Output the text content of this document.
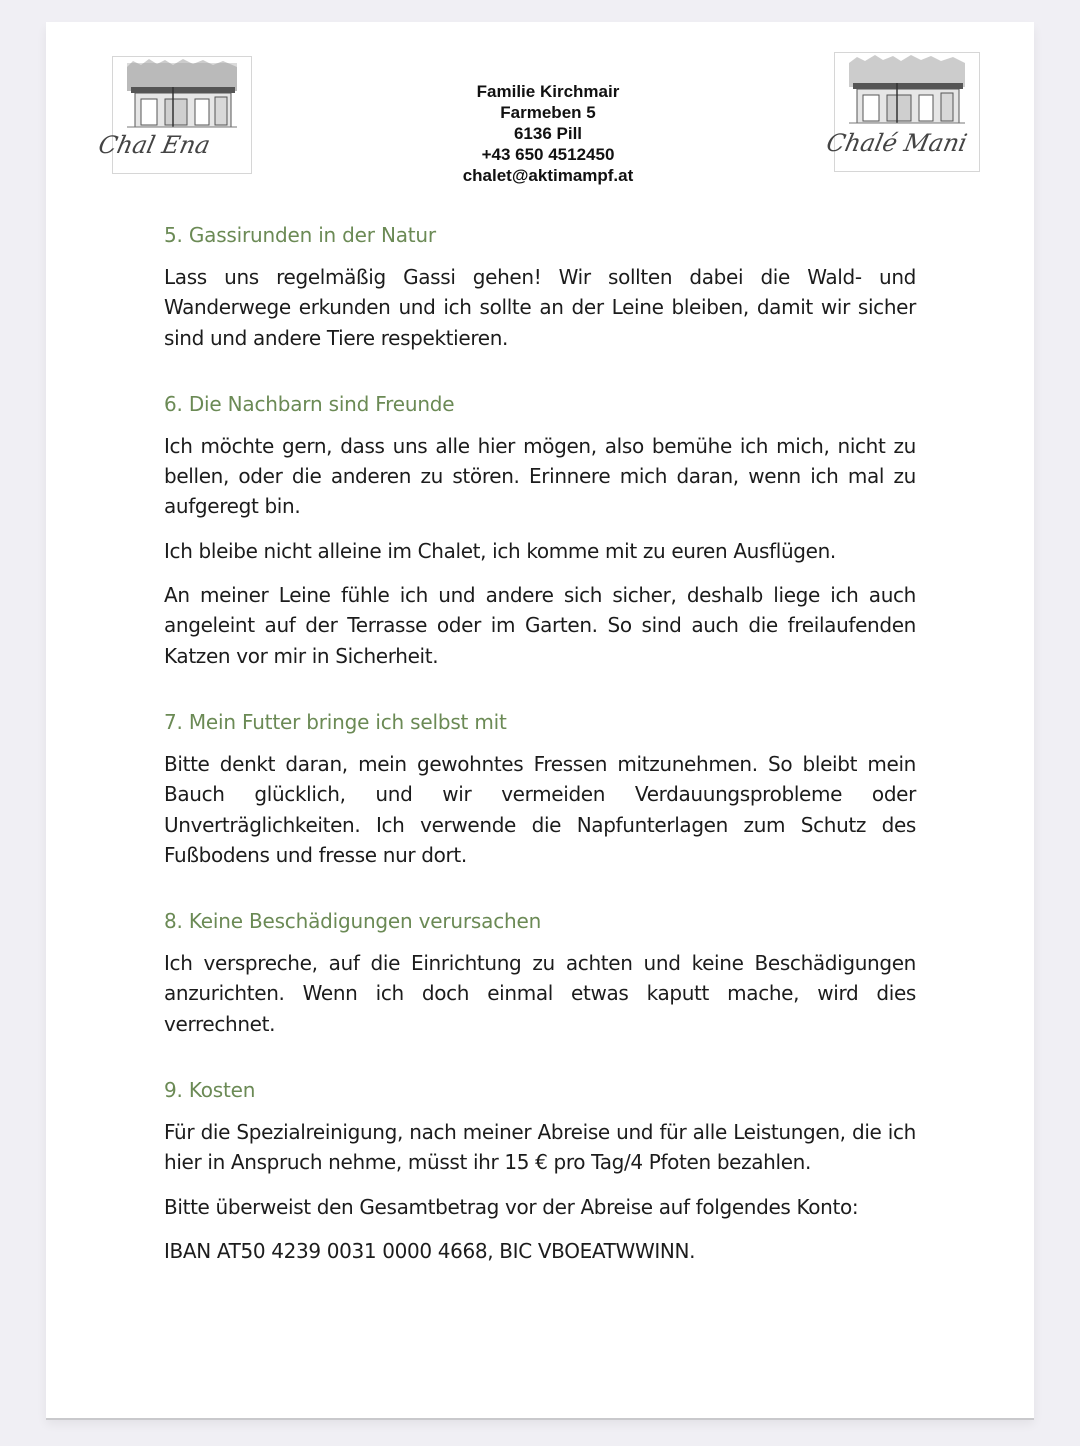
Chal Ena
Familie Kirchmair
Farmeben 5
6136 Pill
+43 650 4512450
chalet@aktimampf.at
Chalé Mani
5. Gassirunden in der Natur

Lass uns regelmäßig Gassi gehen! Wir sollten dabei die Wald- und Wanderwege erkunden und ich sollte an der Leine bleiben, damit wir sicher sind und andere Tiere respektieren.

6. Die Nachbarn sind Freunde

Ich möchte gern, dass uns alle hier mögen, also bemühe ich mich, nicht zu bellen, oder die anderen zu stören. Erinnere mich daran, wenn ich mal zu aufgeregt bin.

Ich bleibe nicht alleine im Chalet, ich komme mit zu euren Ausflügen.

An meiner Leine fühle ich und andere sich sicher, deshalb liege ich auch angeleint auf der Terrasse oder im Garten. So sind auch die freilaufenden Katzen vor mir in Sicherheit.

7. Mein Futter bringe ich selbst mit

Bitte denkt daran, mein gewohntes Fressen mitzunehmen. So bleibt mein Bauch glücklich, und wir vermeiden Verdauungsprobleme oder Unverträglichkeiten. Ich verwende die Napfunterlagen zum Schutz des Fußbodens und fresse nur dort.

8. Keine Beschädigungen verursachen

Ich verspreche, auf die Einrichtung zu achten und keine Beschädigungen anzurichten. Wenn ich doch einmal etwas kaputt mache, wird dies verrechnet.

9. Kosten

Für die Spezialreinigung, nach meiner Abreise und für alle Leistungen, die ich hier in Anspruch nehme, müsst ihr 15 € pro Tag/4 Pfoten bezahlen.

Bitte überweist den Gesamtbetrag vor der Abreise auf folgendes Konto:

IBAN AT50 4239 0031 0000 4668, BIC VBOEATWWINN.
